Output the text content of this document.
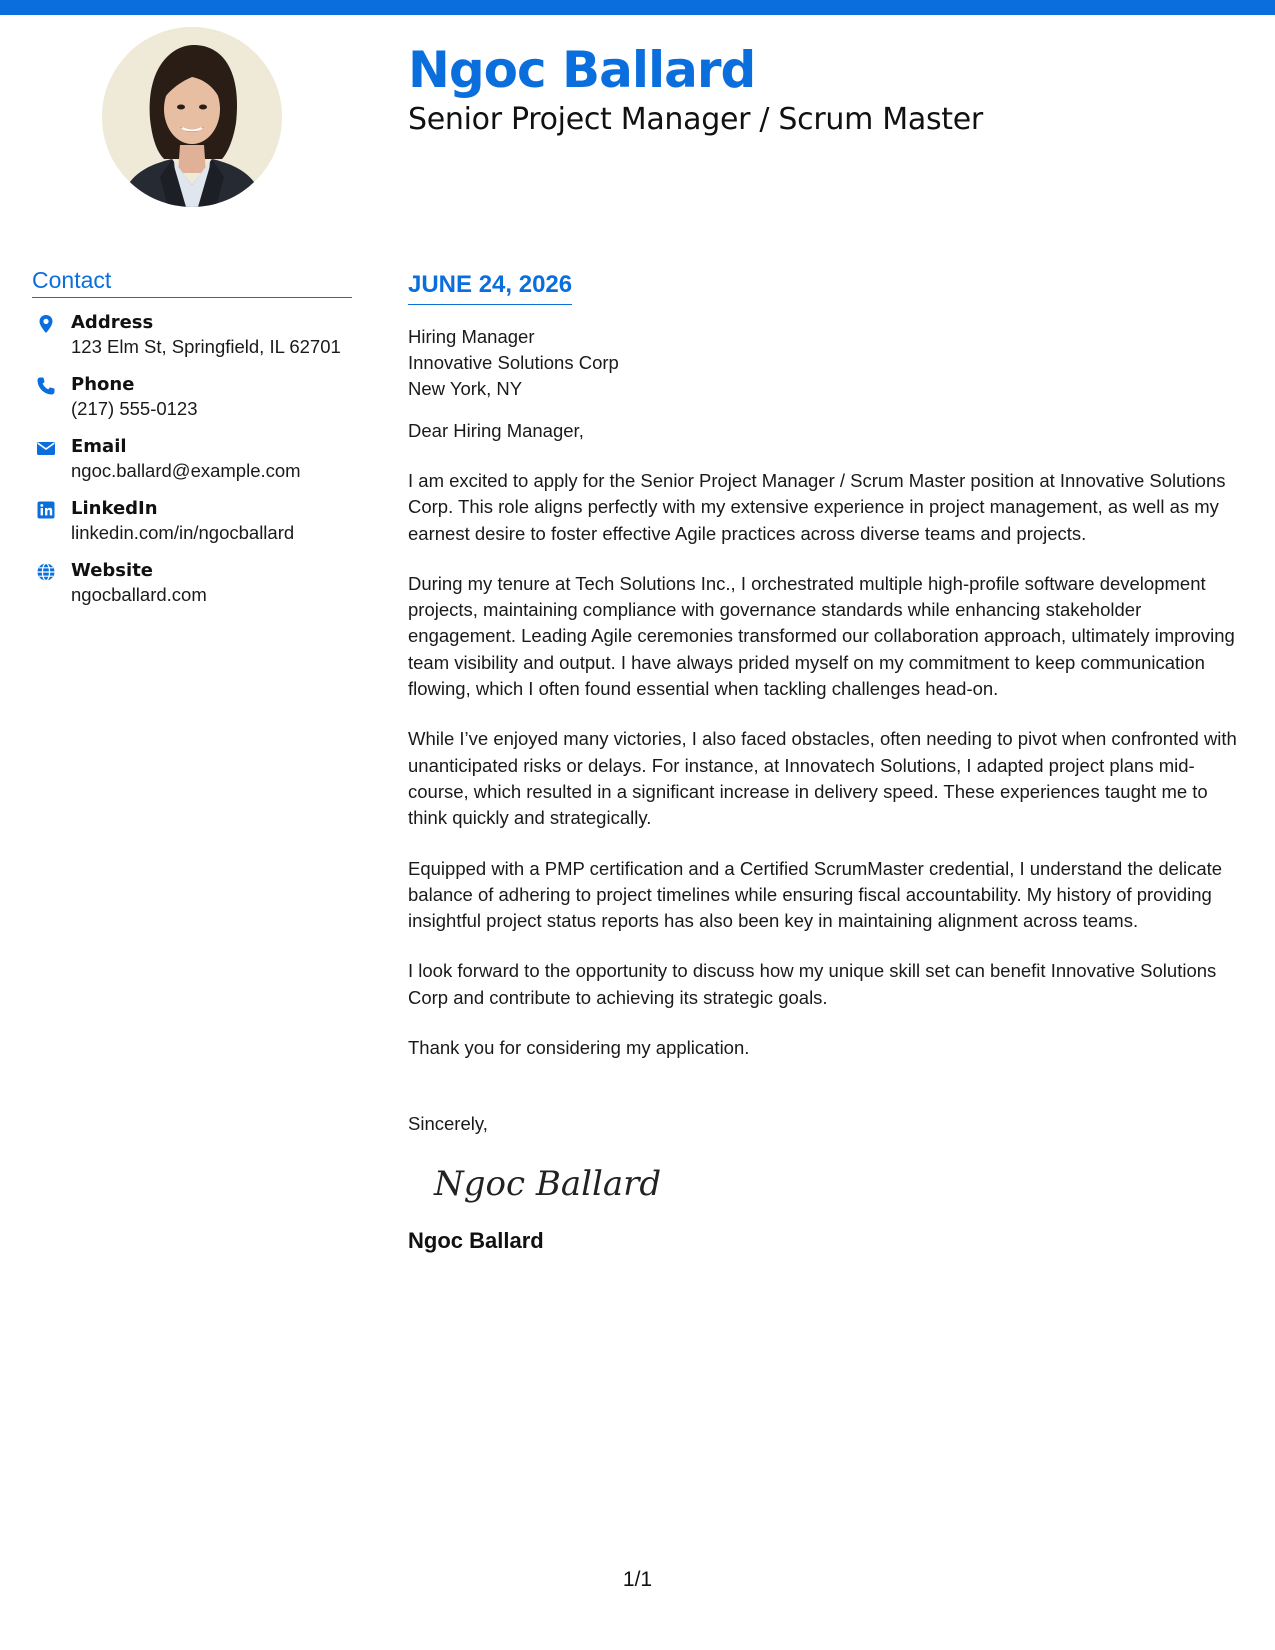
Ngoc Ballard
Senior Project Manager / Scrum Master
Contact
Address
123 Elm St, Springfield, IL 62701
Phone
(217) 555-0123
Email
ngoc.ballard@example.com
LinkedIn
linkedin.com/in/ngocballard
Website
ngocballard.com
JUNE 24, 2026
Hiring Manager
Innovative Solutions Corp
New York, NY
Dear Hiring Manager,

I am excited to apply for the Senior Project Manager / Scrum Master position at Innovative Solutions Corp. This role aligns perfectly with my extensive experience in project management, as well as my earnest desire to foster effective Agile practices across diverse teams and projects.

During my tenure at Tech Solutions Inc., I orchestrated multiple high-profile software development projects, maintaining compliance with governance standards while enhancing stakeholder engagement. Leading Agile ceremonies transformed our collaboration approach, ultimately improving team visibility and output. I have always prided myself on my commitment to keep communication flowing, which I often found essential when tackling challenges head-on.

While I’ve enjoyed many victories, I also faced obstacles, often needing to pivot when confronted with unanticipated risks or delays. For instance, at Innovatech Solutions, I adapted project plans mid-course, which resulted in a significant increase in delivery speed. These experiences taught me to think quickly and strategically.

Equipped with a PMP certification and a Certified ScrumMaster credential, I understand the delicate balance of adhering to project timelines while ensuring fiscal accountability. My history of providing insightful project status reports has also been key in maintaining alignment across teams.

I look forward to the opportunity to discuss how my unique skill set can benefit Innovative Solutions Corp and contribute to achieving its strategic goals.

Thank you for considering my application.

Sincerely,
Ngoc Ballard
Ngoc Ballard
1/1
